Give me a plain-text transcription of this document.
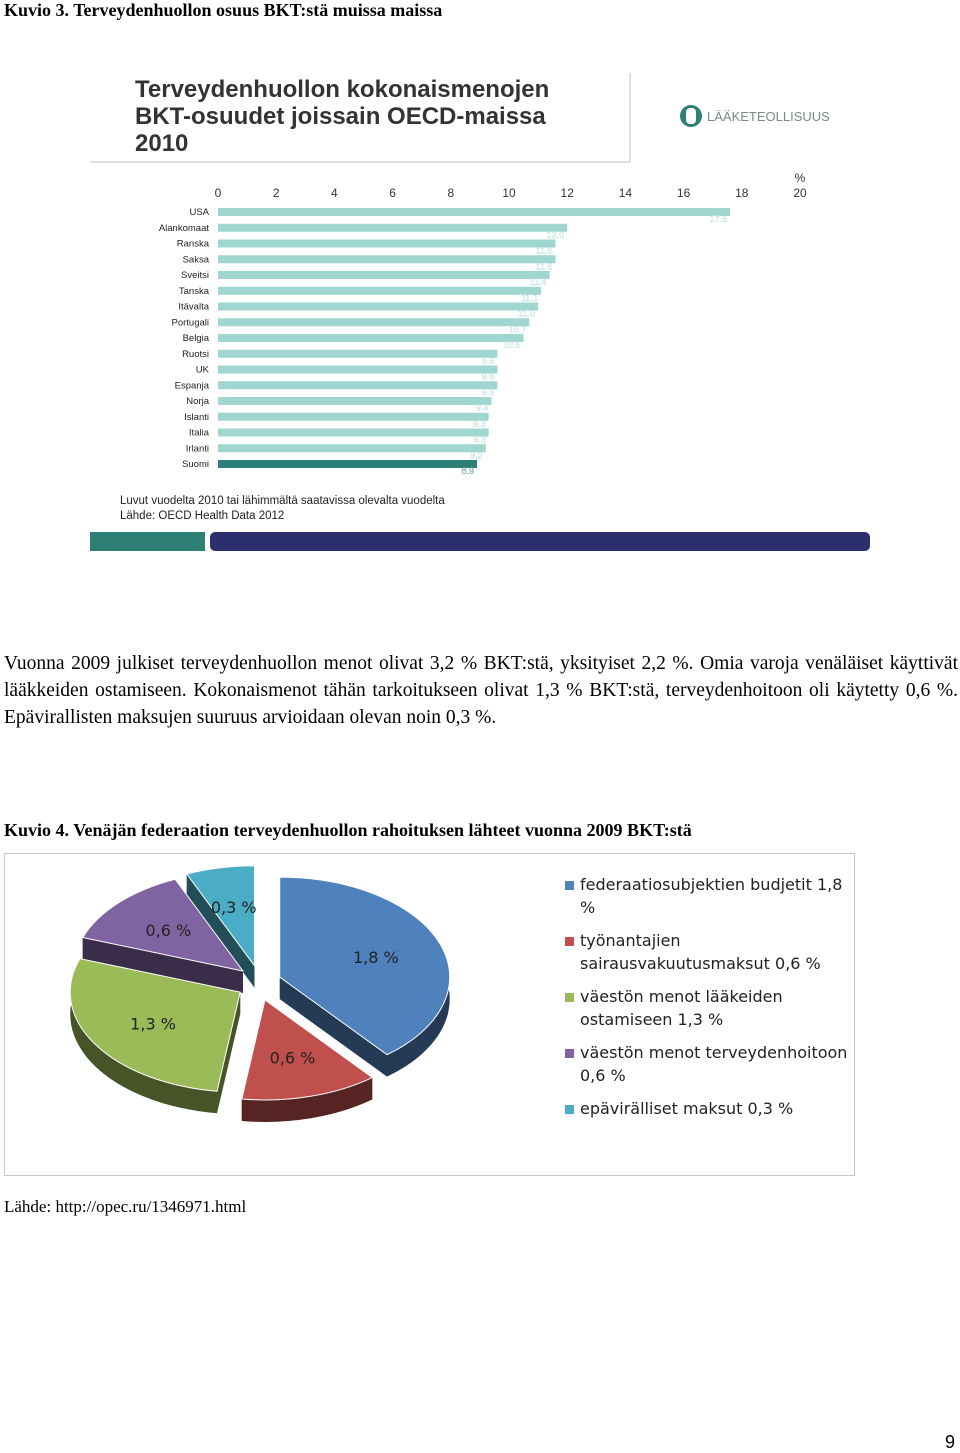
Kuvio 3. Terveydenhuollon osuus BKT:stä muissa maissa
Terveydenhuollon kokonaismenojen
BKT-osuudet joissain OECD-maissa
2010
LÄÄKETEOLLISUUS
%
0	2	4	6	8	10	12	14	16	18	20
USA
17.6
Alankomaat
12.0
Ranska
11.6
Saksa
11.6
Sveitsi
11.4
Tanska
11.1
Itävalta
11.0
Portugali
10.7
Belgia
10.5
Ruotsi
9.6
UK
9.6
Espanja
9.6
Norja
9.4
Islanti
9.3
Italia
9.3
Irlanti
9.2
Suomi
8.9
Luvut vuodelta 2010 tai lähimmältä saatavissa olevalta vuodelta
Lähde: OECD Health Data 2012
Vuonna 2009 julkiset terveydenhuollon menot olivat 3,2 % BKT:stä, yksityiset 2,2 %. Omia varoja venäläiset käyttivät lääkkeiden ostamiseen. Kokonaismenot tähän tarkoitukseen olivat 1,3 % BKT:stä, terveydenhoitoon oli käytetty 0,6 %. Epävirallisten maksujen suuruus arvioidaan olevan noin 0,3 %.
Kuvio 4. Venäjän federaation terveydenhuollon rahoituksen lähteet vuonna 2009 BKT:stä
1,8 %
0,6 %
1,3 %
0,6 %
0,3 %
federaatiosubjektien budjetit 1,8 %
työnantajien sairausvakuutusmaksut 0,6 %
väestön menot lääkeiden ostamiseen 1,3 %
väestön menot terveydenhoitoon 0,6 %
epävirälliset maksut 0,3 %
Lähde: http://opec.ru/1346971.html
9
